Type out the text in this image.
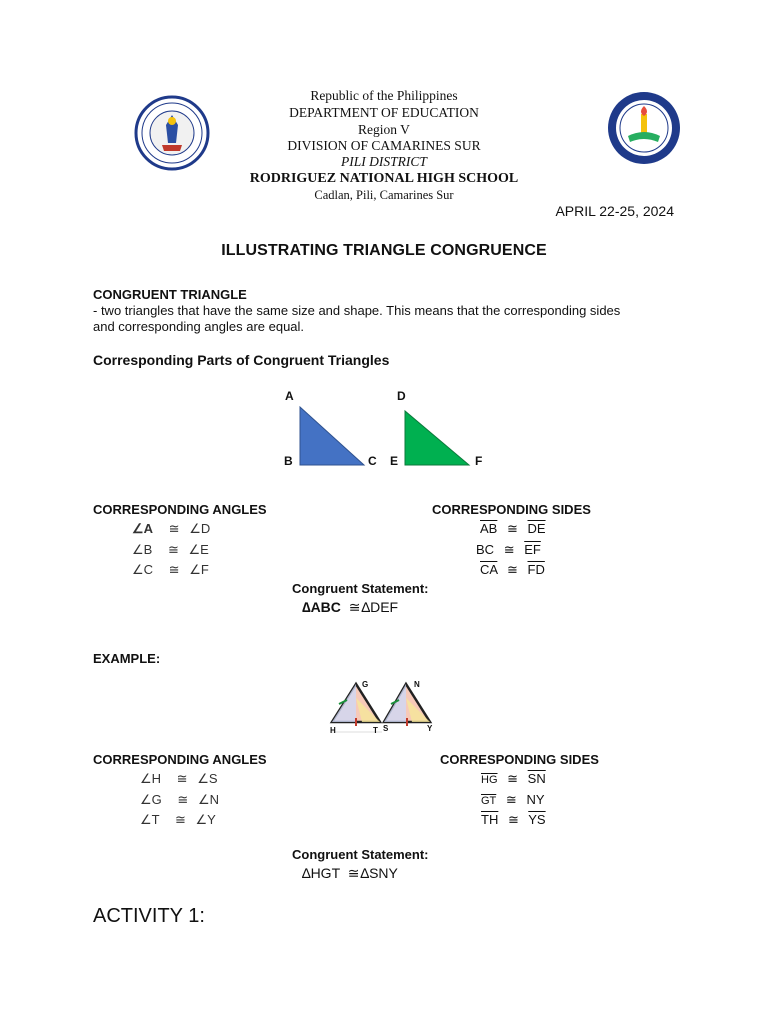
Republic of the Philippines
DEPARTMENT OF EDUCATION
Region V
DIVISION OF CAMARINES SUR
PILI DISTRICT
RODRIGUEZ NATIONAL HIGH SCHOOL
Cadlan, Pili, Camarines Sur
APRIL 22-25, 2024
ILLUSTRATING TRIANGLE CONGRUENCE
CONGRUENT TRIANGLE
- two triangles that have the same size and shape. This means that the corresponding sides
and corresponding angles are equal.
Corresponding Parts of Congruent Triangles
A
B	C
D
E	F
CORRESPONDING ANGLES	CORRESPONDING SIDES
∠A ≅ ∠D
∠B ≅ ∠E
∠C ≅ ∠F
$\overline{AB}$ ≅ $\overline{DE}$
BC ≅ $\overline{EF}$
$\overline{CA}$ ≅ $\overline{FD}$
Congruent Statement:
∆ABC ≅∆DEF
EXAMPLE:
G
H	T
N
S	Y
CORRESPONDING ANGLES	CORRESPONDING SIDES
∠H ≅ ∠S
∠G ≅ ∠N
∠T ≅ ∠Y
$\overline{HG}$ ≅ $\overline{SN}$
$\overline{GT}$ ≅ NY
$\overline{TH}$ ≅ $\overline{YS}$
Congruent Statement:
∆HGT ≅∆SNY
ACTIVITY 1:
